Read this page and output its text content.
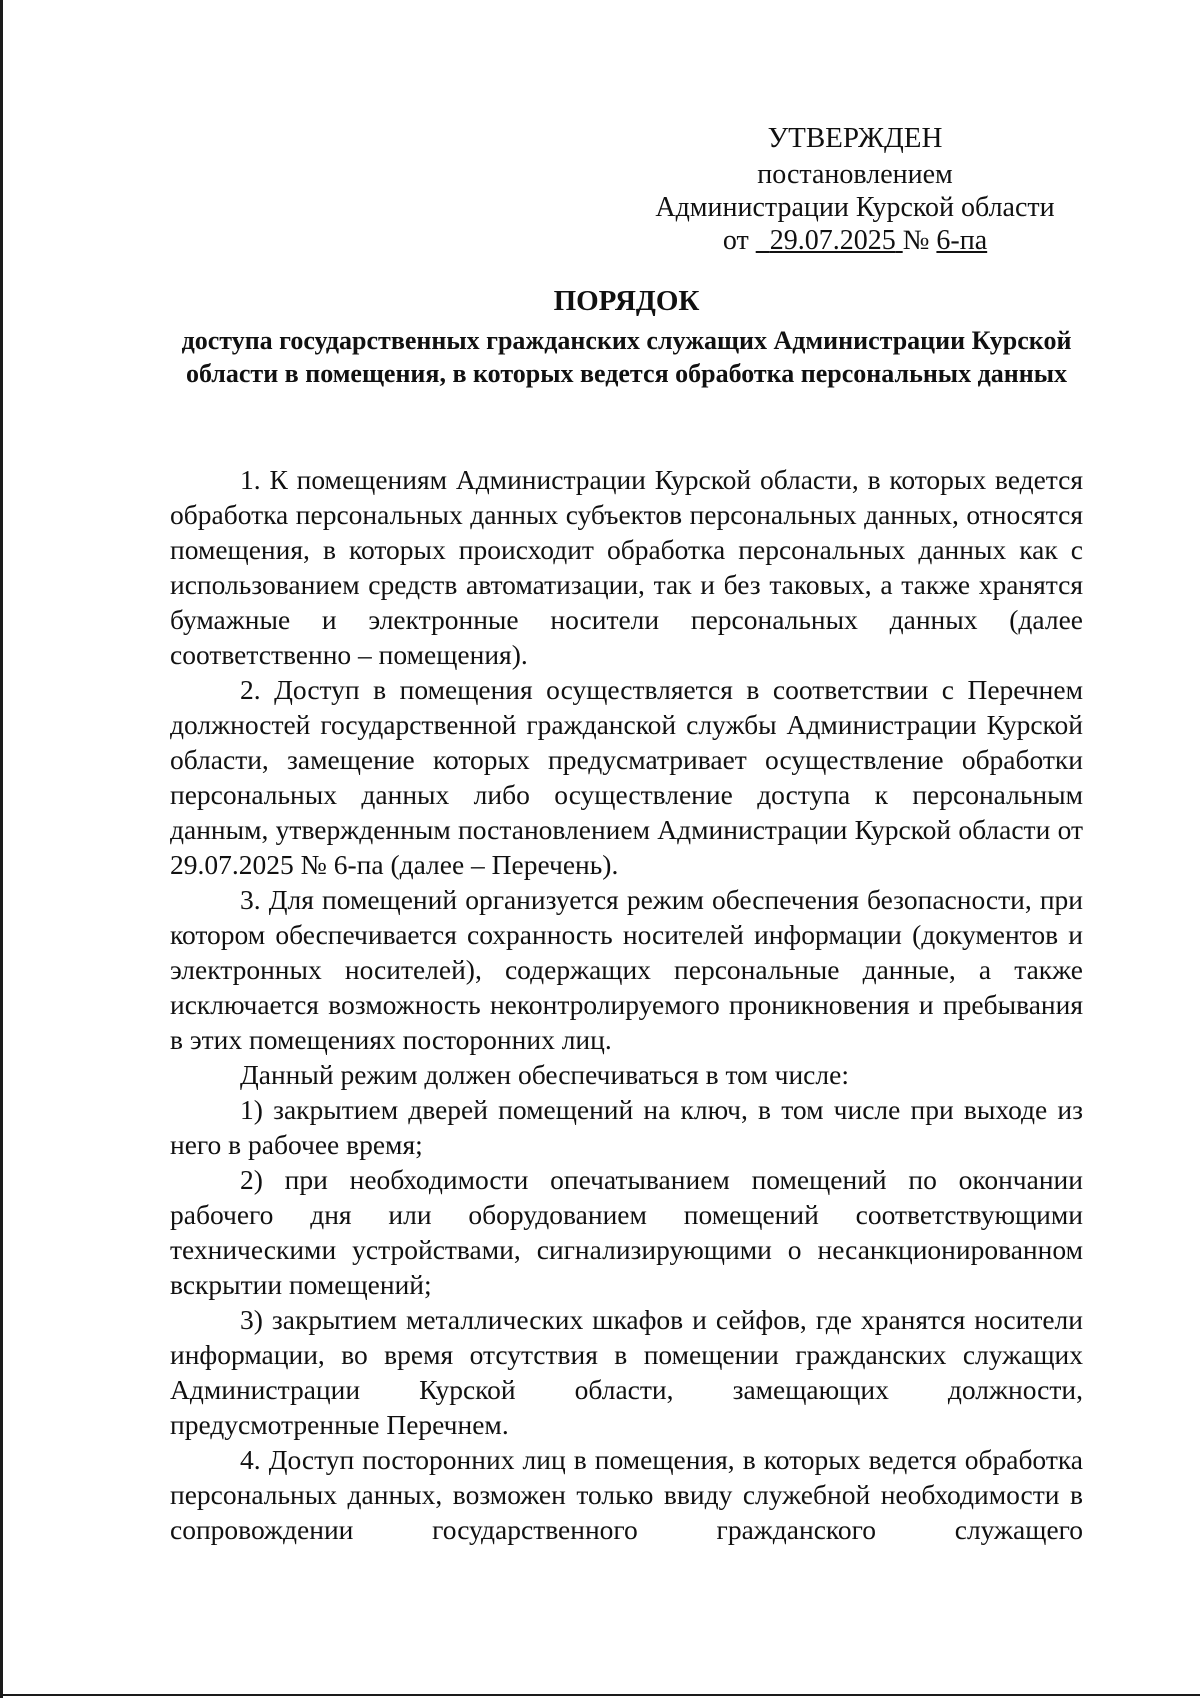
УТВЕРЖДЕН
постановлением
Администрации Курской области
от 29.07.2025 № 6-па
ПОРЯДОК
доступа государственных гражданских служащих Администрации Курской области в помещения, в которых ведется обработка персональных данных

1. К помещениям Администрации Курской области, в которых ведется обработка персональных данных субъектов персональных данных, относятся помещения, в которых происходит обработка персональных данных как с использованием средств автоматизации, так и без таковых, а также хранятся бумажные и электронные носители персональных данных (далее соответственно – помещения).

2. Доступ в помещения осуществляется в соответствии с Перечнем должностей государственной гражданской службы Администрации Курской области, замещение которых предусматривает осуществление обработки персональных данных либо осуществление доступа к персональным данным, утвержденным постановлением Администрации Курской области от 29.07.2025 № 6-па (далее – Перечень).

3. Для помещений организуется режим обеспечения безопасности, при котором обеспечивается сохранность носителей информации (документов и электронных носителей), содержащих персональные данные, а также исключается возможность неконтролируемого проникновения и пребывания в этих помещениях посторонних лиц.

Данный режим должен обеспечиваться в том числе:

1) закрытием дверей помещений на ключ, в том числе при выходе из него в рабочее время;

2) при необходимости опечатыванием помещений по окончании рабочего дня или оборудованием помещений соответствующими техническими устройствами, сигнализирующими о несанкционированном вскрытии помещений;

3) закрытием металлических шкафов и сейфов, где хранятся носители информации, во время отсутствия в помещении гражданских служащих Администрации Курской области, замещающих должности, предусмотренные Перечнем.

4. Доступ посторонних лиц в помещения, в которых ведется обработка персональных данных, возможен только ввиду служебной необходимости в сопровождении государственного гражданского служащего
